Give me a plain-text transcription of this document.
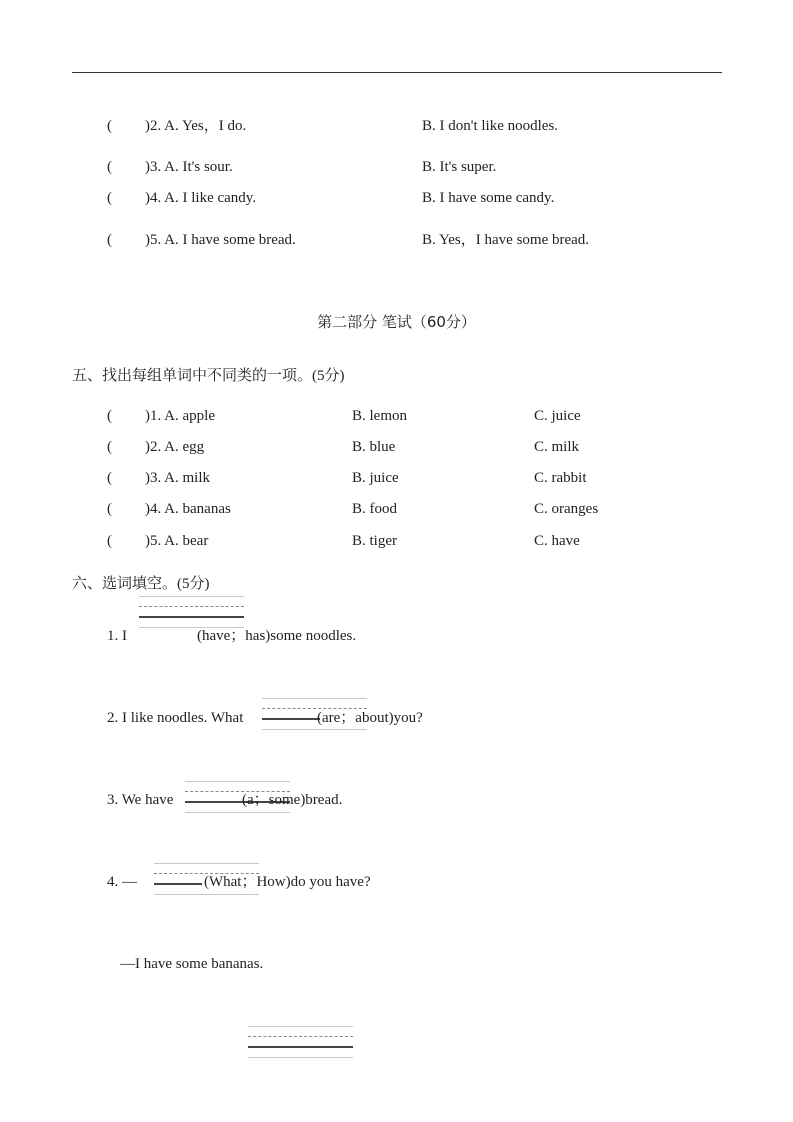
( )2. A. Yes，I do.	B. I don't like noodles.
( )3. A. It's sour.	B. It's super.
( )4. A. I like candy.	B. I have some candy.
( )5. A. I have some bread.	B. Yes，I have some bread.
第二部分 笔试（60分）
五、找出每组单词中不同类的一项。(5分)
( )1. A. apple	B. lemon	C. juice
( )2. A. egg	B. blue	C. milk
( )3. A. milk	B. juice	C. rabbit
( )4. A. bananas	B. food	C. oranges
( )5. A. bear	B. tiger	C. have
六、选词填空。(5分)
1. I	(have；has)some noodles.
2. I like noodles. What	(are；about)you?
3. We have	(a；some)bread.
4. —	(What；How)do you have?
—I have some bananas.
